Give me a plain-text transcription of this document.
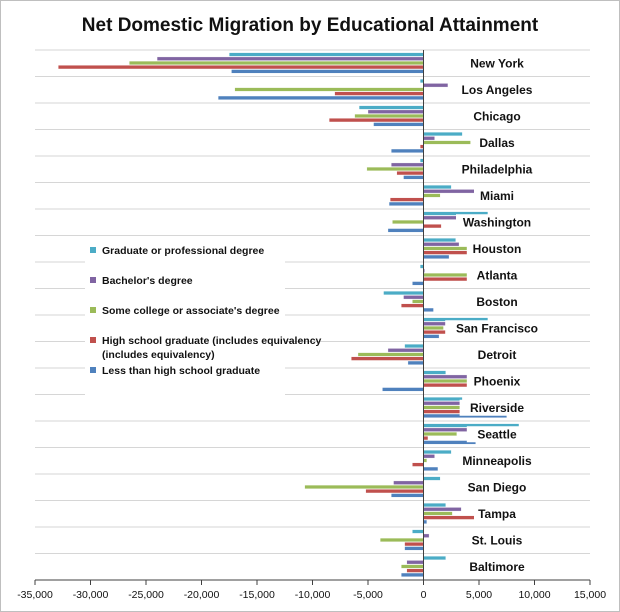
Net Domestic Migration by Educational Attainment
New York
Los Angeles
Chicago
Dallas
Philadelphia
Miami
Washington
Houston
Atlanta
Boston
San Francisco
Detroit
Phoenix
Riverside
Seattle
Minneapolis
San Diego
Tampa
St. Louis
Baltimore
-35,000 -30,000 -25,000 -20,000 -15,000 -10,000 -5,000	0	5,000	10,000 15,000
Graduate or professional degree
Bachelor's degree
Some college or associate's degree
High school graduate (includes equivalency (includes equivalency)
Less than high school graduate
